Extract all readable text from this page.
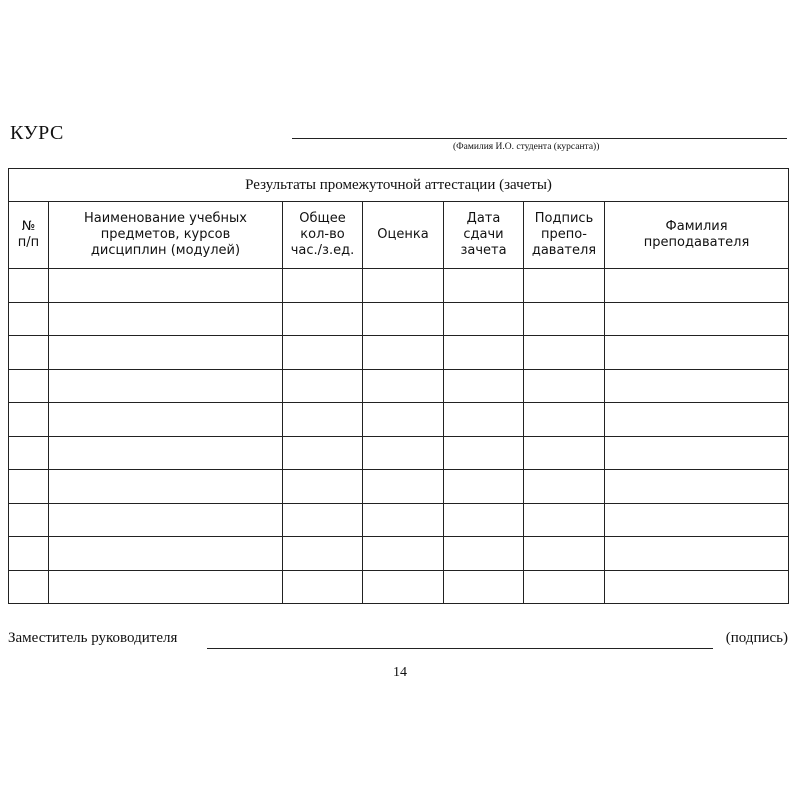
КУРС
(Фамилия И.О. студента (курсанта))
Результаты промежуточной аттестации (зачеты)						
№
п/п	Наименование учебных
предметов, курсов
дисциплин (модулей)	Общее
кол-во
час./з.ед.	Оценка	Дата
сдачи
зачета	Подпись
препо-
давателя	Фамилия
преподавателя

Заместитель руководителя	(подпись)
14
